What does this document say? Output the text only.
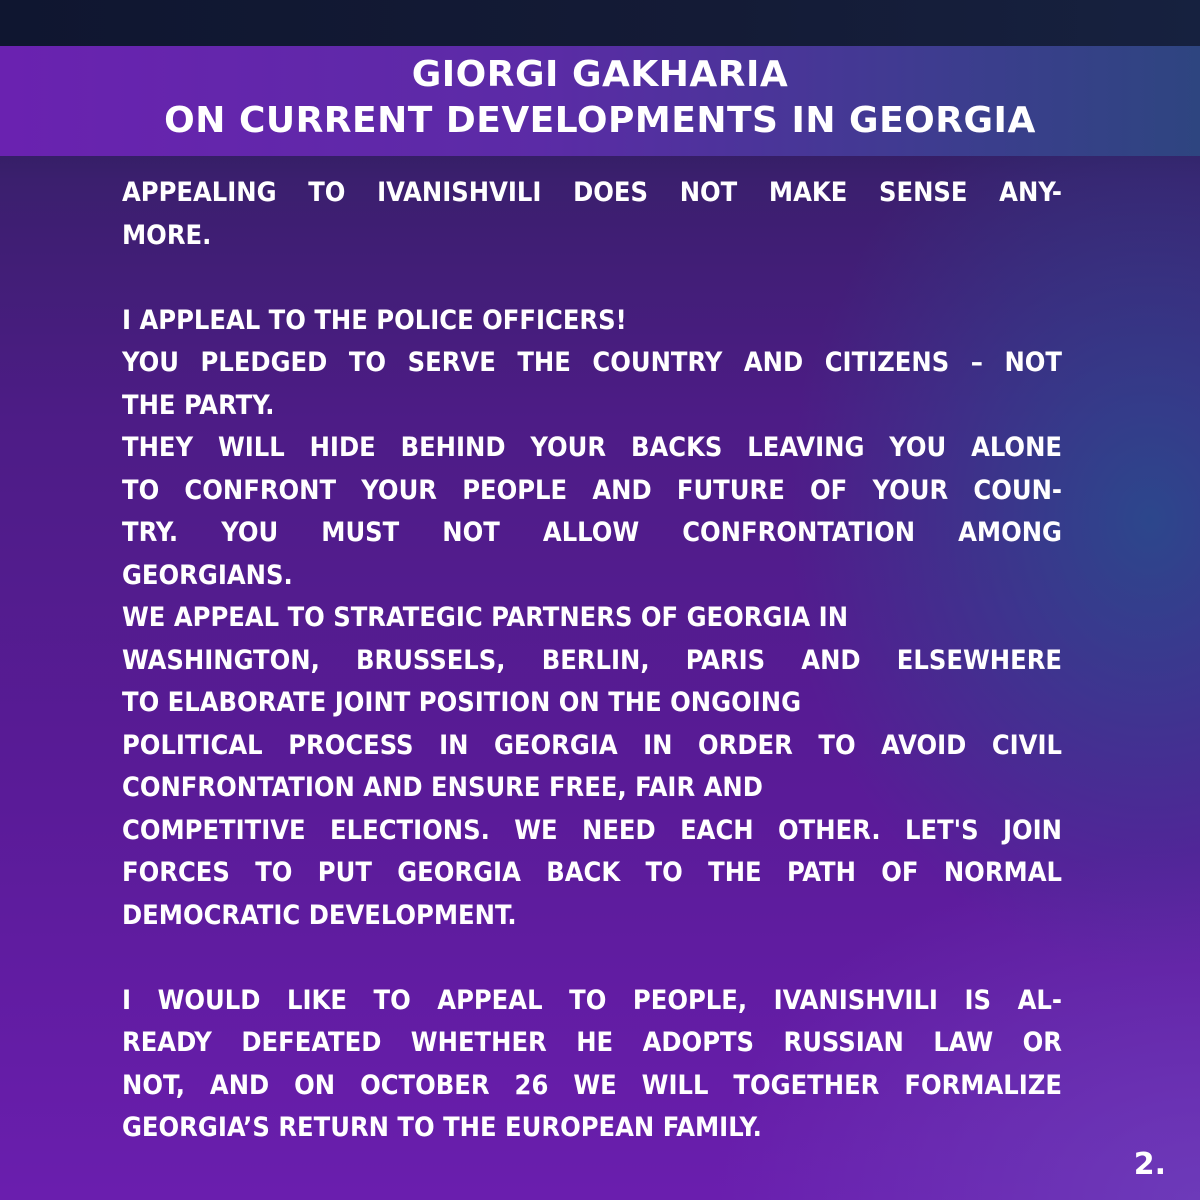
GIORGI GAKHARIA
ON CURRENT DEVELOPMENTS IN GEORGIA

APPEALING TO IVANISHVILI DOES NOT MAKE SENSE ANY-
MORE.

I APPLEAL TO THE POLICE OFFICERS!
YOU PLEDGED TO SERVE THE COUNTRY AND CITIZENS – NOT
THE PARTY.
THEY WILL HIDE BEHIND YOUR BACKS LEAVING YOU ALONE
TO CONFRONT YOUR PEOPLE AND FUTURE OF YOUR COUN-
TRY. YOU MUST NOT ALLOW CONFRONTATION AMONG
GEORGIANS.
WE APPEAL TO STRATEGIC PARTNERS OF GEORGIA IN
WASHINGTON, BRUSSELS, BERLIN, PARIS AND ELSEWHERE
TO ELABORATE JOINT POSITION ON THE ONGOING
POLITICAL PROCESS IN GEORGIA IN ORDER TO AVOID CIVIL
CONFRONTATION AND ENSURE FREE, FAIR AND
COMPETITIVE ELECTIONS. WE NEED EACH OTHER. LET'S JOIN
FORCES TO PUT GEORGIA BACK TO THE PATH OF NORMAL
DEMOCRATIC DEVELOPMENT.

I WOULD LIKE TO APPEAL TO PEOPLE, IVANISHVILI IS AL-
READY DEFEATED WHETHER HE ADOPTS RUSSIAN LAW OR
NOT, AND ON OCTOBER 26 WE WILL TOGETHER FORMALIZE
GEORGIA’S RETURN TO THE EUROPEAN FAMILY.

2.
